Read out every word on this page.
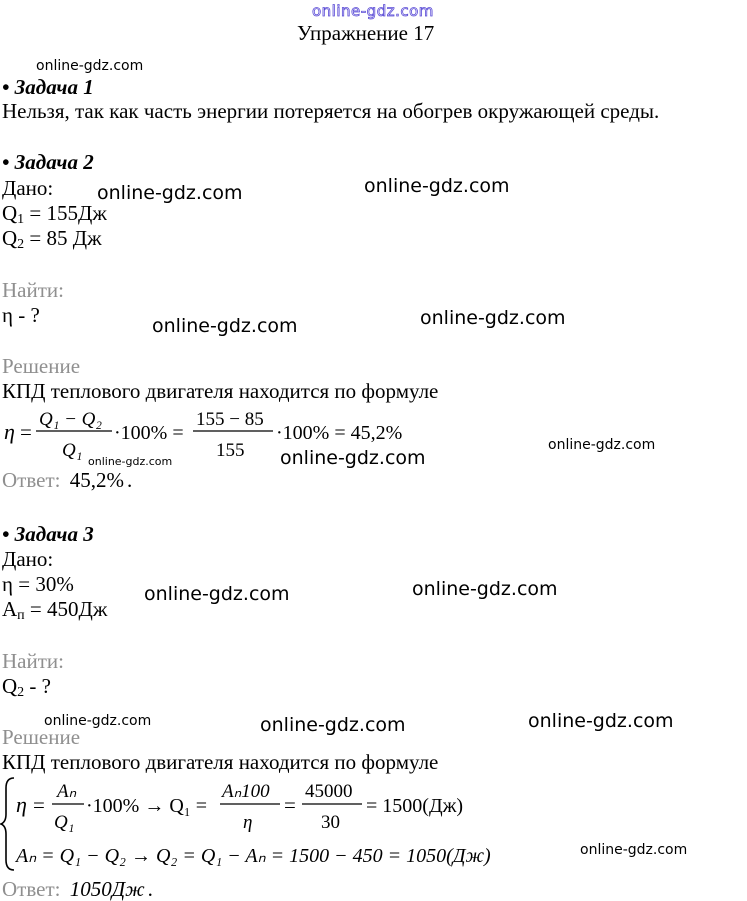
online-gdz.com
Упражнение 17
• Задача 1
Нельзя, так как часть энергии потеряется на обогрев окружающей среды.
• Задача 2
Дано:
$Q_1 = 155Дж$
$Q_2 = 85$ Дж
Найти:
η - ?
Решение
КПД теплового двигателя находится по формуле
η =
Q₁ − Q₂
Q₁
·100% =
155 − 85
155
·100% = 45,2%
Ответ: 45,2% .
• Задача 3
Дано:
η = 30%
$A_п = 450Дж$
Найти:
$Q_2$ - ?
Решение
КПД теплового двигателя находится по формуле
η =
Aₙ
Q₁
·100% → Q₁ =
Aₙ100
η
=
45000
30
= 1500(Дж)
Aₙ = Q₁ − Q₂ → Q₂ = Q₁ − Aₙ = 1500 − 450 = 1050(Дж)
Ответ: 1050Дж .
online-gdz.com
online-gdz.com	online-gdz.com
online-gdz.com	online-gdz.com
online-gdz.com
online-gdz.com	online-gdz.com
online-gdz.com	online-gdz.com
online-gdz.com	online-gdz.com	online-gdz.com
online-gdz.com
